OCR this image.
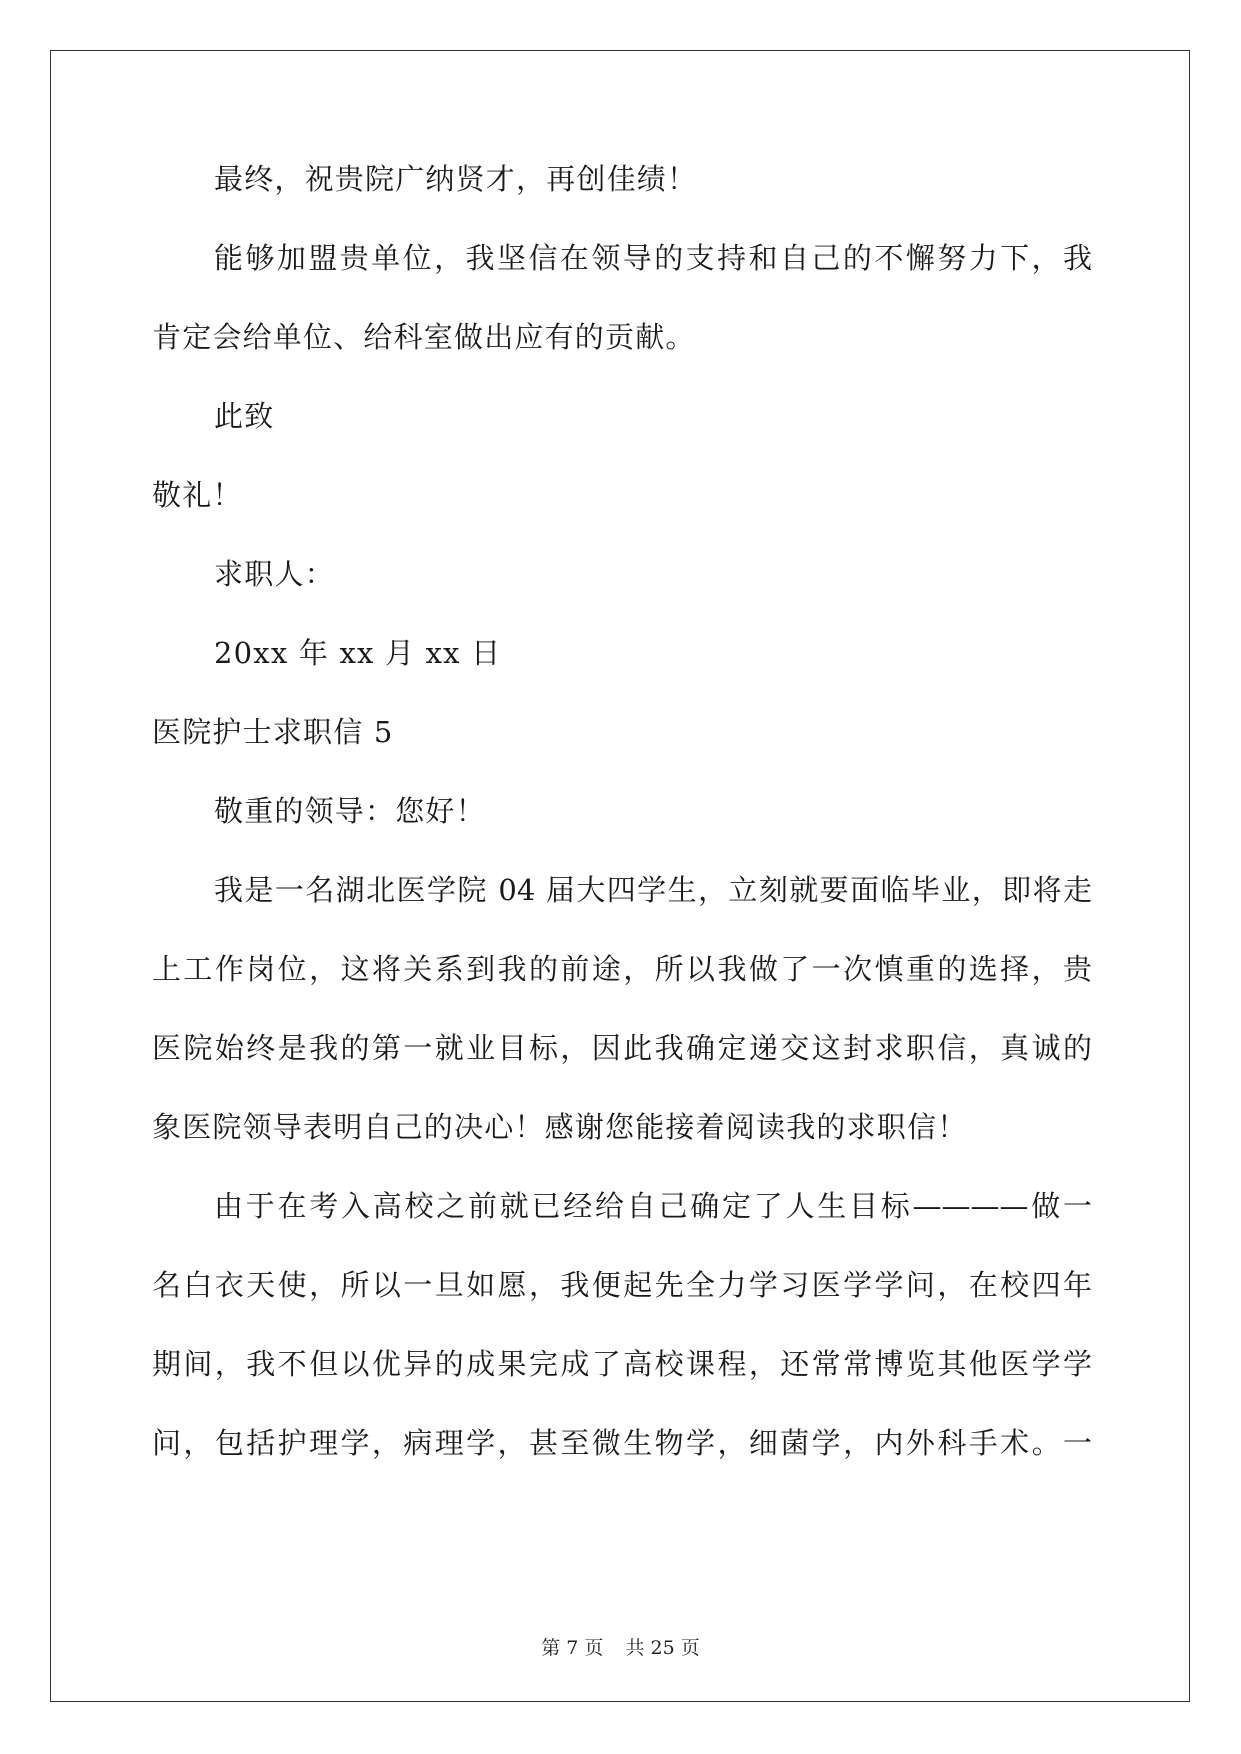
最终，祝贵院广纳贤才，再创佳绩！
能够加盟贵单位，我坚信在领导的支持和自己的不懈努力下，我
肯定会给单位、给科室做出应有的贡献。
此致
敬礼！
求职人：
20xx 年 xx 月 xx 日
医院护士求职信 5
敬重的领导：您好！
我是一名湖北医学院 04 届大四学生，立刻就要面临毕业，即将走
上工作岗位，这将关系到我的前途，所以我做了一次慎重的选择，贵
医院始终是我的第一就业目标，因此我确定递交这封求职信，真诚的
象医院领导表明自己的决心！感谢您能接着阅读我的求职信！
由于在考入高校之前就已经给自己确定了人生目标————做一
名白衣天使，所以一旦如愿，我便起先全力学习医学学问，在校四年
期间，我不但以优异的成果完成了高校课程，还常常博览其他医学学
问，包括护理学，病理学，甚至微生物学，细菌学，内外科手术。一
第 7 页 共 25 页
